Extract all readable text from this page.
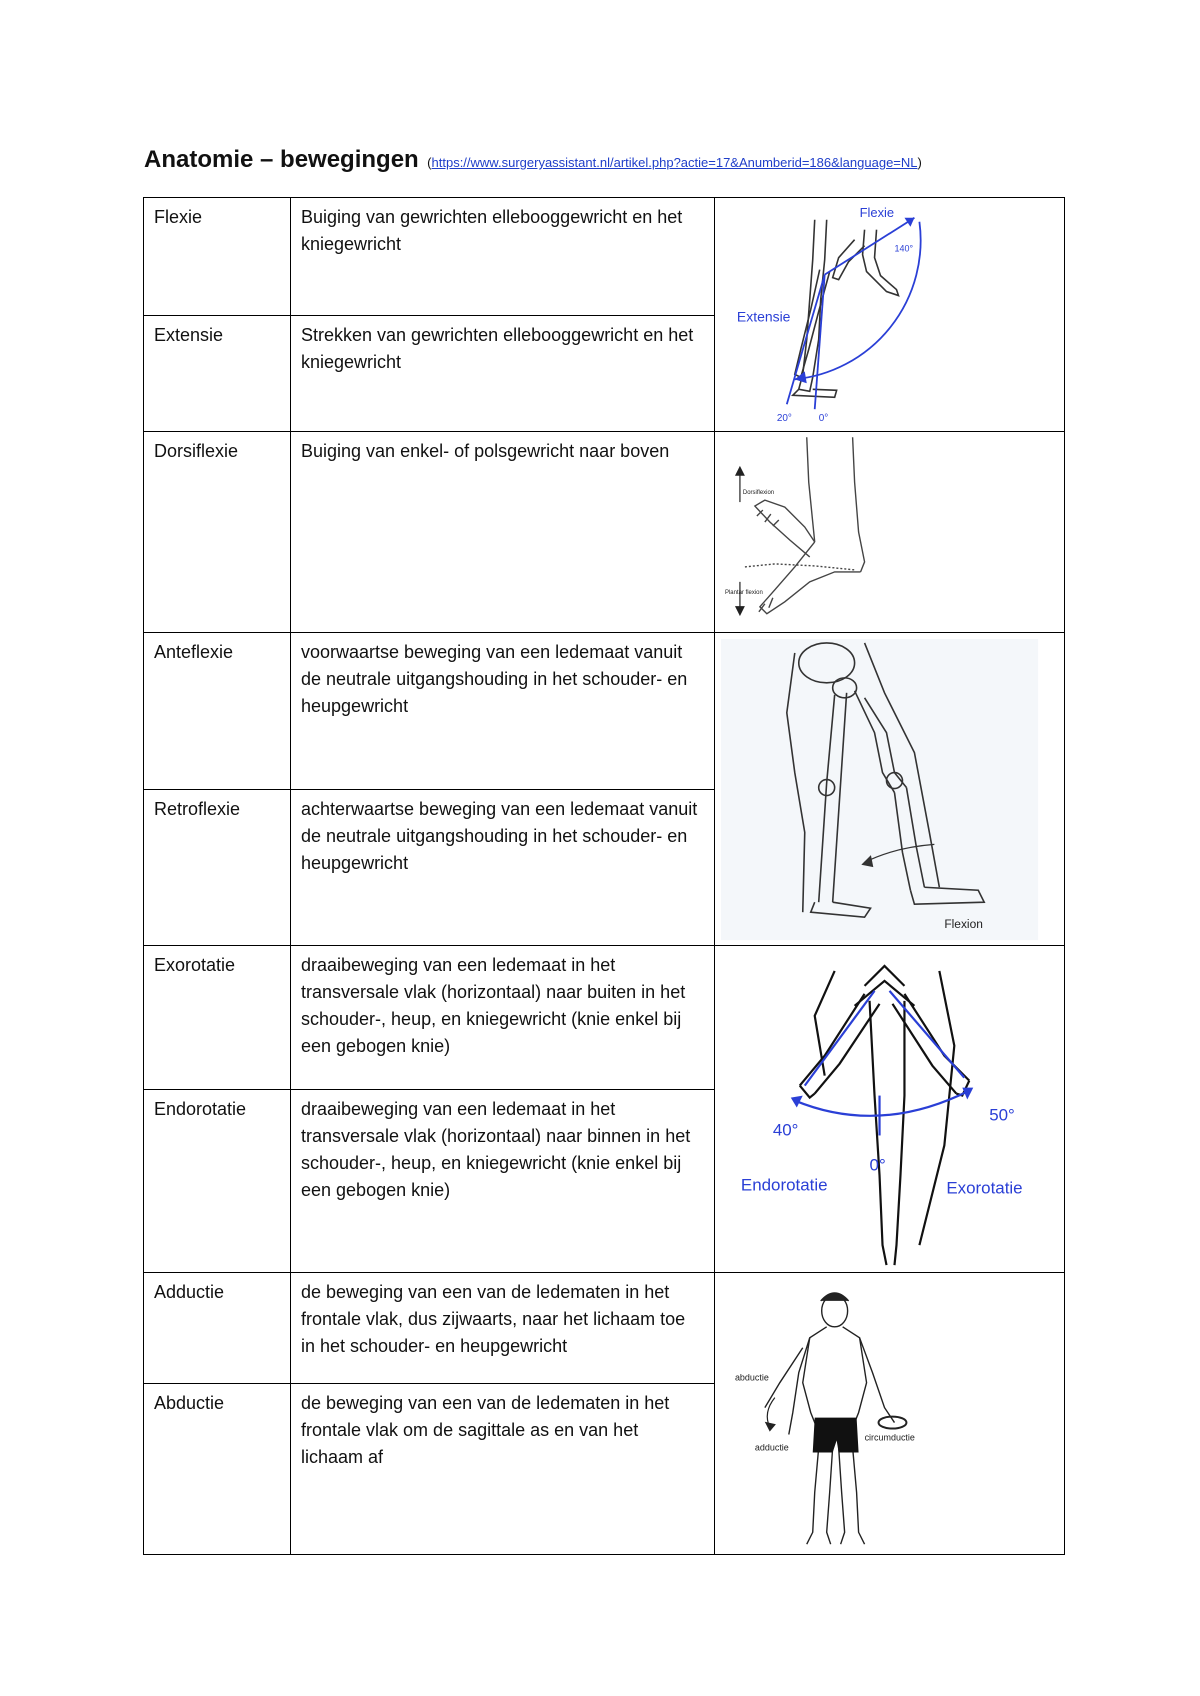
Anatomie – bewegingen (https://www.surgeryassistant.nl/artikel.php?actie=17&Anumberid=186&language=NL)
Flexie	Buiging van gewrichten ellebooggewricht en het kniegewricht	Flexie
140°
Extensie
20° 0°

Extensie	Strekken van gewrichten ellebooggewricht en het kniegewricht	
Dorsiflexie	Buiging van enkel- of polsgewricht naar boven	Dorsiflexion
Plantar flexion

Anteflexie	voorwaartse beweging van een ledemaat vanuit de neutrale uitgangshouding in het schouder- en heupgewricht	Flexion

Retroflexie	achterwaartse beweging van een ledemaat vanuit de neutrale uitgangshouding in het schouder- en heupgewricht	
Exorotatie	draaibeweging van een ledemaat in het transversale vlak (horizontaal) naar buiten in het schouder-, heup, en kniegewricht (knie enkel bij een gebogen knie)	40°
50°
0°
Endorotatie Exorotatie

Endorotatie	draaibeweging van een ledemaat in het transversale vlak (horizontaal) naar binnen in het schouder-, heup, en kniegewricht (knie enkel bij een gebogen knie)	
Adductie	de beweging van een van de ledematen in het frontale vlak, dus zijwaarts, naar het lichaam toe in het schouder- en heupgewricht	abductie
adductie
circumductie

Abductie	de beweging van een van de ledematen in het frontale vlak om de sagittale as en van het lichaam af	
